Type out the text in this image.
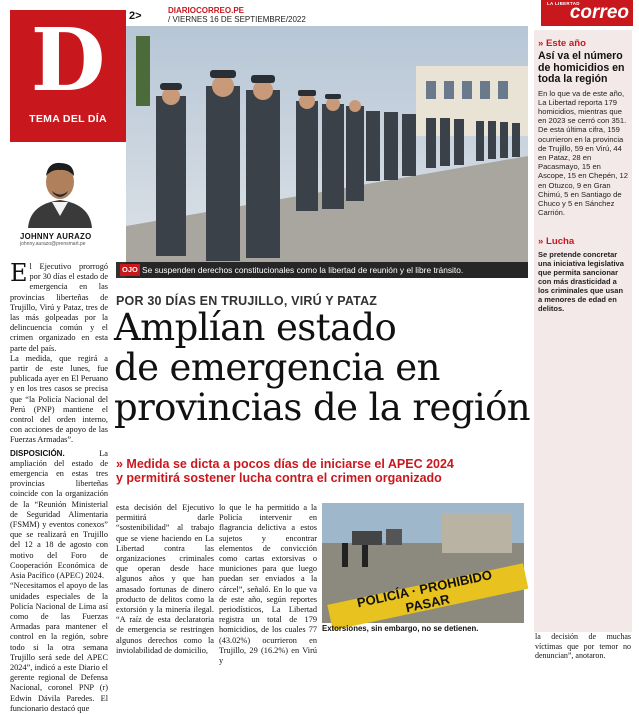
D
TEMA DEL DÍA
2>	DIARIOCORREO.PE
/ VIERNES 16 DE SEPTIEMBRE/2022
LA LIBERTAD
correo
OJO Se suspenden derechos constitucionales como la libertad de reunión y el libre tránsito.
JOHNNY AURAZO
johnny.aurazo@prensmart.pe

El Ejecutivo prorrogó por 30 días el estado de emergencia en las provincias liberteñas de Trujillo, Virú y Pataz, tres de las más golpeadas por la delincuencia común y el crimen organizado en esta parte del país.

La medida, que regirá a partir de este lunes, fue publicada ayer en El Peruano y en los tres casos se precisa que “la Policía Nacional del Perú (PNP) mantiene el control del orden interno, con acciones de apoyo de las Fuerzas Armadas”.

DISPOSICIÓN.	La ampliación del estado de emergencia en estas tres provincias liberteñas coincide con la organización de la “Reunión Ministerial de Seguridad Alimentaria (FSMM) y eventos conexos” que se realizará en Trujillo del 12 a 18 de agosto con motivo del Foro de Cooperación Económica de Asia Pacífico (APEC) 2024.

“Necesitamos el apoyo de las unidades especiales de la Policía Nacional de Lima así como de las Fuerzas Armadas para mantener el control en la región, sobre todo si la otra semana Trujillo será sede del APEC 2024”, indicó a este Diario el gerente regional de Defensa Nacional, coronel PNP (r) Edwin Dávila Paredes. El funcionario destacó que

POR 30 DÍAS EN TRUJILLO, VIRÚ Y PATAZ
Amplían estado
de emergencia en
provincias de la región
» Medida se dicta a pocos días de iniciarse el APEC 2024
y permitirá sostener lucha contra el crimen organizado
esta decisión del Ejecutivo permitirá darle “sostenibilidad” al trabajo que se viene haciendo en La Libertad contra las organizaciones criminales que operan desde hace algunos años y que han amasado fortunas de dinero producto de delitos como la extorsión y la minería ilegal. “A raíz de esta declaratoria de emergencia se restringen algunos derechos como la inviolabilidad de domicilio,
lo que le ha permitido a la Policía intervenir en flagrancia delictiva a estos sujetos y encontrar elementos de convicción como cartas extorsivas o municiones para que luego puedan ser enviados a la cárcel”, señaló. En lo que va de este año, según reportes periodísticos, La Libertad registra un total de 179 homicidios, de los cuales 77 (43.02%) ocurrieron en Trujillo, 29 (16.2%) en Virú y
POLICÍA · PROHIBIDO PASAR
Extorsiones, sin embargo, no se detienen.

la decisión de muchas víctimas que por temor no denuncian”, anotaron.

» Este año
Así va el número de homicidios en toda la región
En lo que va de este año, La Libertad reporta 179 homicidios, mientras que en 2023 se cerró con 351. De esta última cifra, 159 ocurrieron en la provincia de Trujillo, 59 en Virú, 44 en Pataz, 28 en Pacasmayo, 15 en Ascope, 15 en Chepén, 12 en Otuzco, 9 en Gran Chimú, 5 en Santiago de Chuco y 5 en Sánchez Carrión.
» Lucha
Se pretende concretar una iniciativa legislativa que permita sancionar con más drasticidad a los criminales que usan a menores de edad en delitos.
